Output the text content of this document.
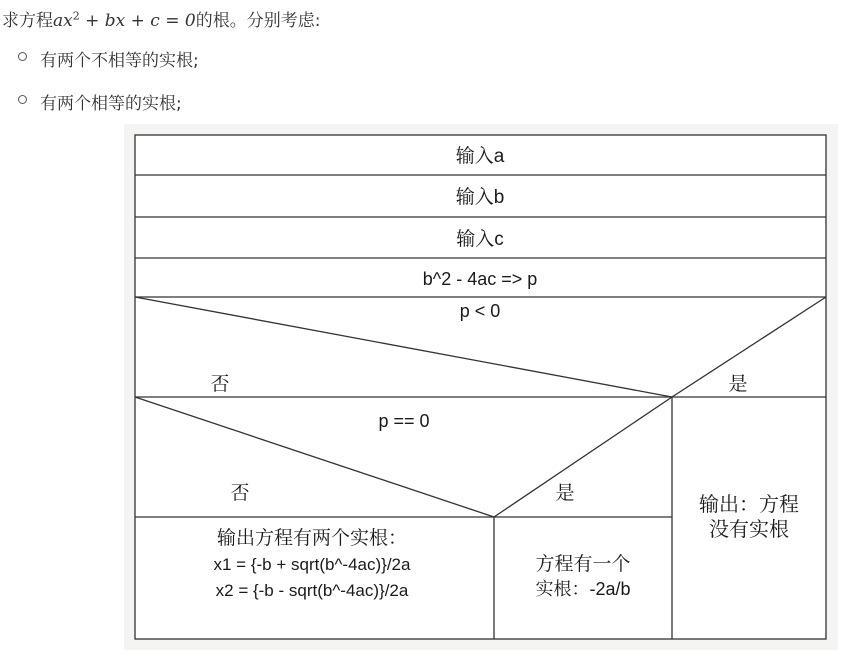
求方程$ax^2$ + bx + c = 0的根。分别考虑:
有两个不相等的实根;
有两个相等的实根;
输入a
输入b
输入c
b^2 - 4ac => p
p < 0
否	是
p == 0
否	是
输出方程有两个实根：
x1 = {-b + sqrt(b^-4ac)}/2a
x2 = {-b - sqrt(b^-4ac)}/2a
方程有一个
实根：-2a/b
输出：方程
没有实根
